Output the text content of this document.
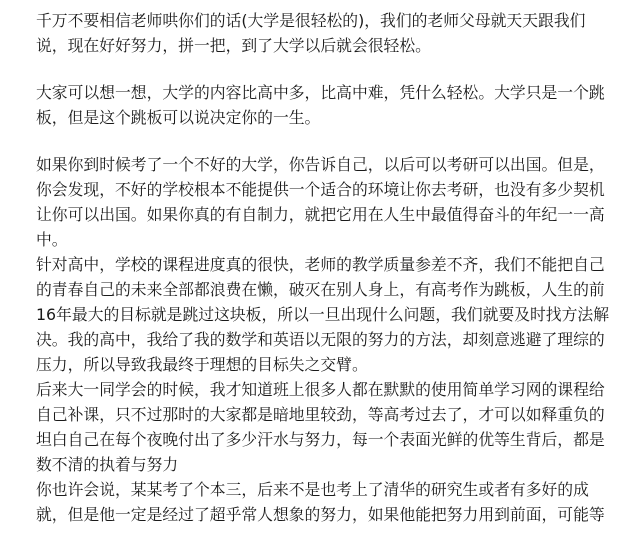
千万不要相信老师哄你们的话(大学是很轻松的)，我们的老师父母就天天跟我们
说，现在好好努力，拼一把，到了大学以后就会很轻松。
大家可以想一想，大学的内容比高中多，比高中难，凭什么轻松。大学只是一个跳
板，但是这个跳板可以说决定你的一生。
如果你到时候考了一个不好的大学，你告诉自己，以后可以考研可以出国。但是，
你会发现，不好的学校根本不能提供一个适合的环境让你去考研，也没有多少契机
让你可以出国。如果你真的有自制力，就把它用在人生中最值得奋斗的年纪一一高
中。
针对高中，学校的课程进度真的很快，老师的教学质量参差不齐，我们不能把自己
的青春自己的未来全部都浪费在懒，破灭在别人身上，有高考作为跳板，人生的前
16年最大的目标就是跳过这块板，所以一旦出现什么问题，我们就要及时找方法解
决。我的高中，我给了我的数学和英语以无限的努力的方法，却刻意逃避了理综的
压力，所以导致我最终于理想的目标失之交臂。
后来大一同学会的时候，我才知道班上很多人都在默默的使用简单学习网的课程给
自己补课，只不过那时的大家都是暗地里较劲，等高考过去了，才可以如释重负的
坦白自己在每个夜晚付出了多少汗水与努力，每一个表面光鲜的优等生背后，都是
数不清的执着与努力
你也许会说，某某考了个本三，后来不是也考上了清华的研究生或者有多好的成
就，但是他一定是经过了超乎常人想象的努力，如果他能把努力用到前面，可能等
